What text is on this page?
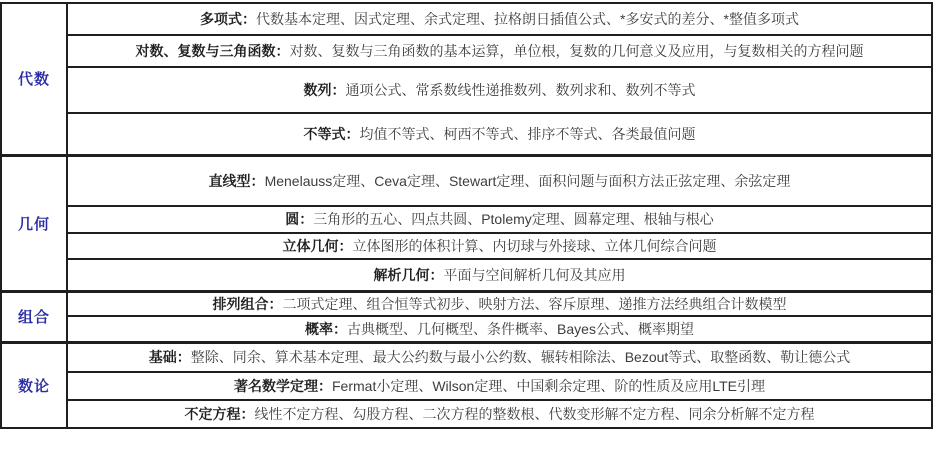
代数	多项式：代数基本定理、因式定理、余式定理、拉格朗日插值公式、*多安式的差分、*整值多项式
	对数、复数与三角函数：对数、复数与三角函数的基本运算，单位根，复数的几何意义及应用，与复数相关的方程问题
	数列：通项公式、常系数线性递推数列、数列求和、数列不等式
	不等式：均值不等式、柯西不等式、排序不等式、各类最值问题
几何	直线型：Menelauss定理、Ceva定理、Stewart定理、面积问题与面积方法正弦定理、余弦定理
	圆：三角形的五心、四点共圆、Ptolemy定理、圆幕定理、根轴与根心
	立体几何：立体图形的体积计算、内切球与外接球、立体几何综合问题
	解析几何：平面与空间解析几何及其应用
组合	排列组合：二项式定理、组合恒等式初步、映射方法、容斥原理、递推方法经典组合计数模型
	概率：古典概型、几何概型、条件概率、Bayes公式、概率期望
数论	基础：整除、同余、算术基本定理、最大公约数与最小公约数、辗转相除法、Bezout等式、取整函数、勒让德公式
	著名数学定理：Fermat小定理、Wilson定理、中国剩余定理、阶的性质及应用LTE引理
	不定方程：线性不定方程、勾股方程、二次方程的整数根、代数变形解不定方程、同余分析解不定方程
